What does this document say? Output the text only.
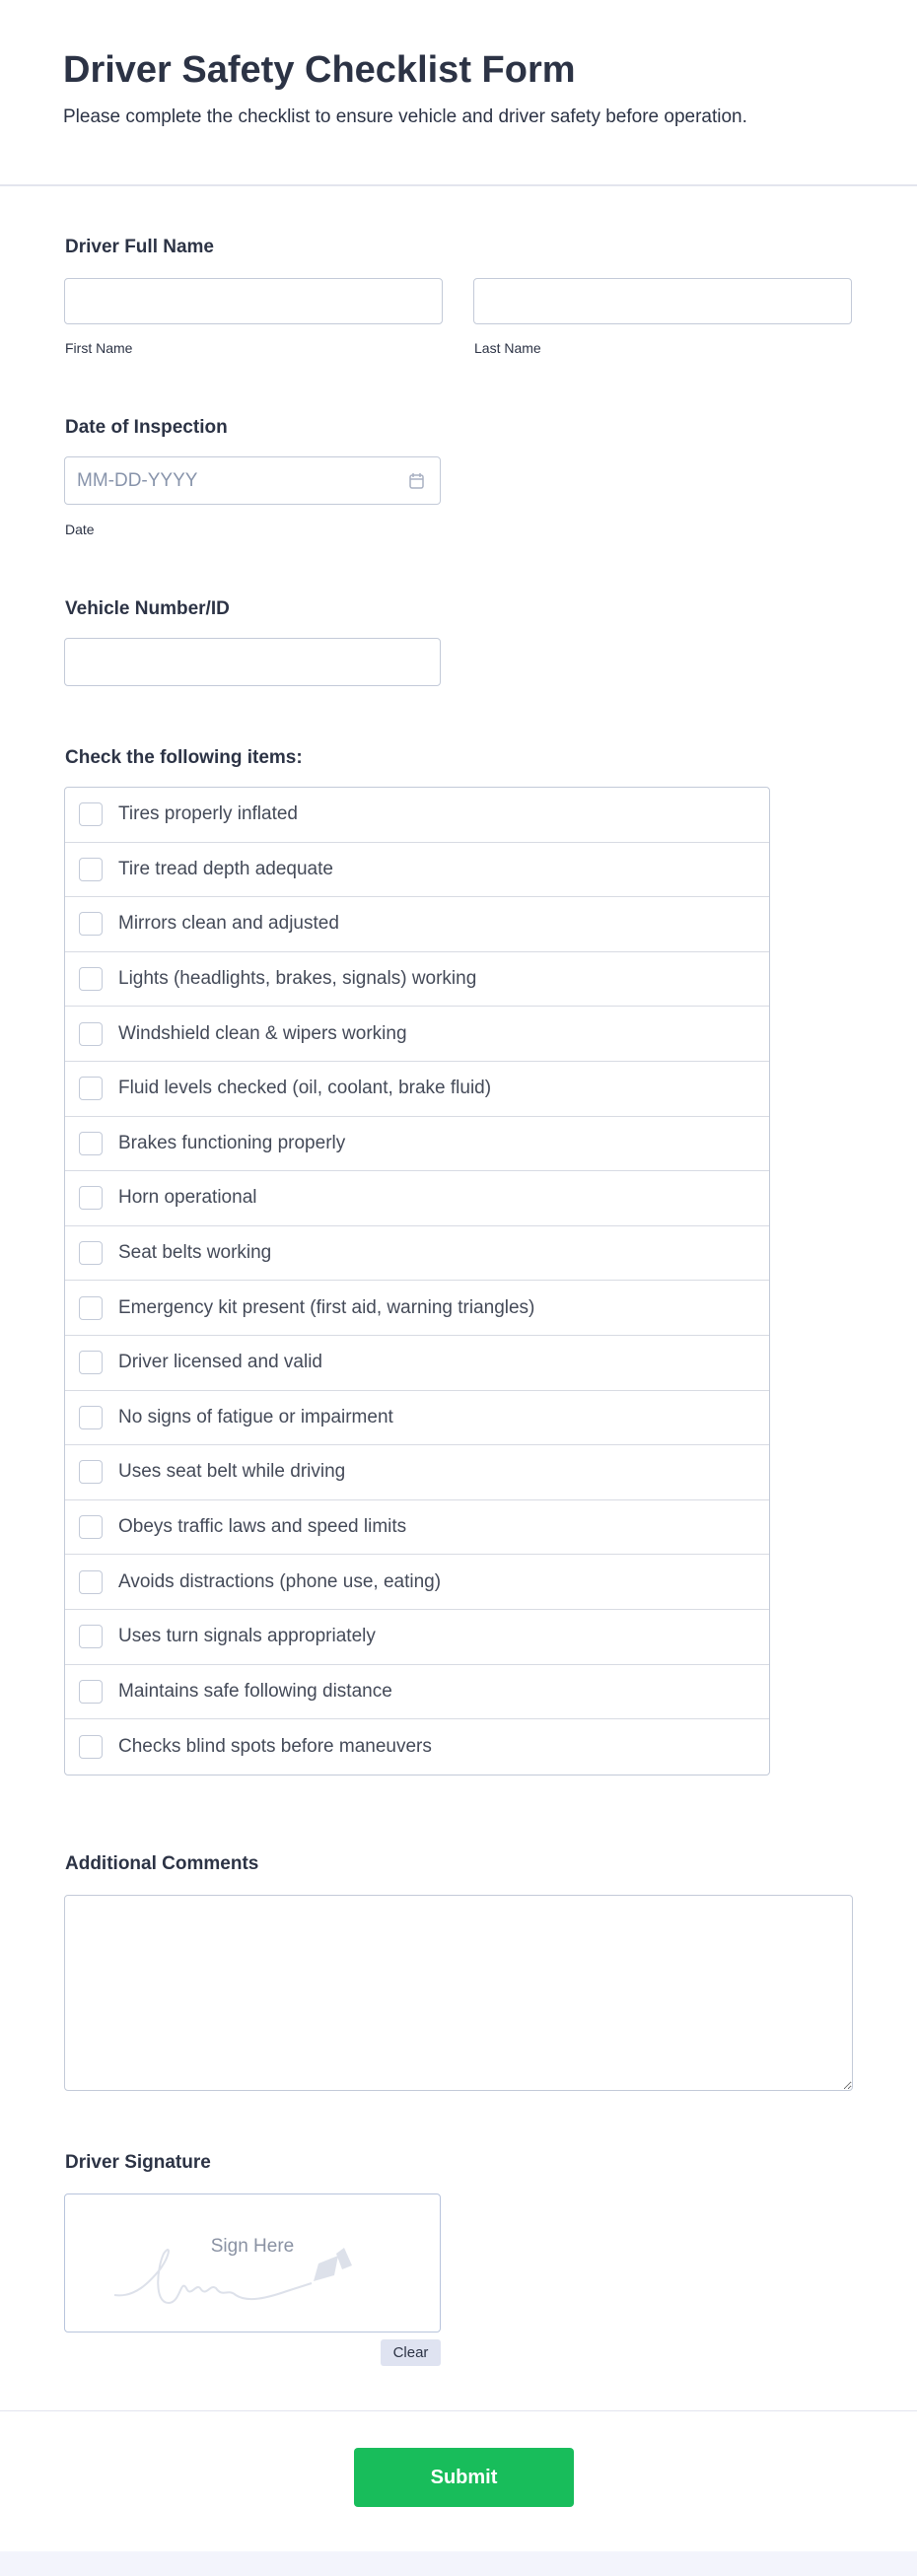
Driver Safety Checklist Form

Please complete the checklist to ensure vehicle and driver safety before operation.

Driver Full Name
First Name	Last Name
Date of Inspection
MM-DD-YYYY
Date
Vehicle Number/ID
Check the following items:
Tires properly inflated
Tire tread depth adequate
Mirrors clean and adjusted
Lights (headlights, brakes, signals) working
Windshield clean & wipers working
Fluid levels checked (oil, coolant, brake fluid)
Brakes functioning properly
Horn operational
Seat belts working
Emergency kit present (first aid, warning triangles)
Driver licensed and valid
No signs of fatigue or impairment
Uses seat belt while driving
Obeys traffic laws and speed limits
Avoids distractions (phone use, eating)
Uses turn signals appropriately
Maintains safe following distance
Checks blind spots before maneuvers
Additional Comments
Driver Signature
Sign Here
Clear
Submit
